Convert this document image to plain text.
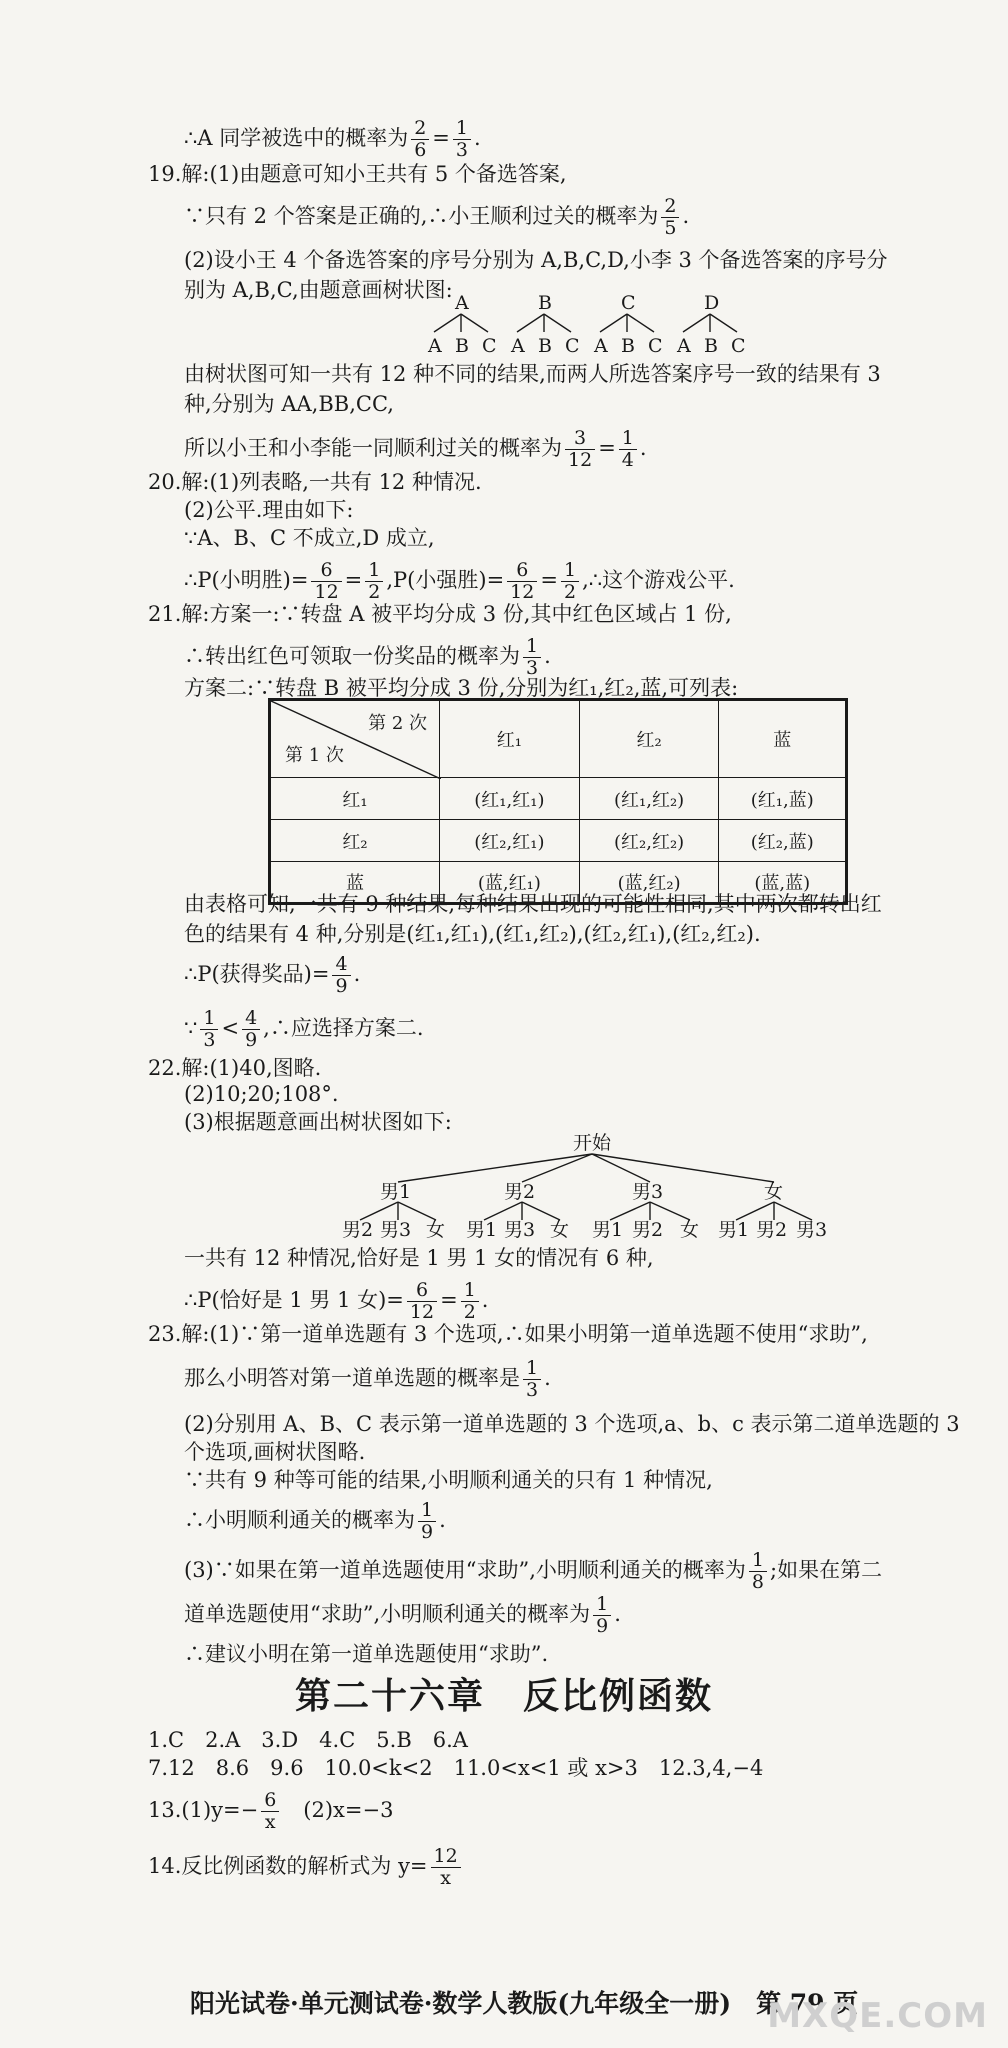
∴A 同学被选中的概率为 $\frac{2}{6} = \frac{1}{3}$ .
19.解:(1)由题意可知小王共有 5 个备选答案,
∵只有 2 个答案是正确的,∴小王顺利过关的概率为 $\frac{2}{5}$ .
(2)设小王 4 个备选答案的序号分别为 A,B,C,D,小李 3 个备选答案的序号分
别为 A,B,C,由题意画树状图:
A	B	C	D
A B C A B C A B C A B C
由树状图可知一共有 12 种不同的结果,而两人所选答案序号一致的结果有 3
种,分别为 AA,BB,CC,
所以小王和小李能一同顺利过关的概率为 $\frac{3}{12} = \frac{1}{4}$ .
20.解:(1)列表略,一共有 12 种情况.
(2)公平.理由如下:
∵A、B、C 不成立,D 成立,
∴P(小明胜)= $\frac{6}{12} = \frac{1}{2} ,P$(小强胜)= $\frac{6}{12} = \frac{1}{2}$ ,∴这个游戏公平.
21.解:方案一:∵转盘 A 被平均分成 3 份,其中红色区域占 1 份,
∴转出红色可领取一份奖品的概率为 $\frac{1}{3}$ .
方案二:∵转盘 B 被平均分成 3 份,分别为红₁,红₂,蓝,可列表:
第 2 次
第 1 次	红₁	红₂	蓝
红₁	(红₁,红₁)	(红₁,红₂)	(红₁,蓝)
红₂	(红₂,红₁)	(红₂,红₂)	(红₂,蓝)
蓝	(蓝,红₁)	(蓝,红₂)	(蓝,蓝)
由表格可知,一共有 9 种结果,每种结果出现的可能性相同,其中两次都转出红
色的结果有 4 种,分别是(红₁,红₁),(红₁,红₂),(红₂,红₁),(红₂,红₂).
∴P(获得奖品)= $\frac{4}{9}$ .
∵ $\frac{1}{3} < \frac{4}{9}$ ,∴应选择方案二.
22.解:(1)40,图略.
(2)10;20;108°.
(3)根据题意画出树状图如下:
开始
男1	男2	男3	女
男2 男3 女 男1 男3 女 男1 男2 女 男1 男2 男3
一共有 12 种情况,恰好是 1 男 1 女的情况有 6 种,
∴P(恰好是 1 男 1 女)= $\frac{6}{12} = \frac{1}{2}$ .
23.解:(1)∵第一道单选题有 3 个选项,∴如果小明第一道单选题不使用“求助”,
那么小明答对第一道单选题的概率是 $\frac{1}{3}$ .
(2)分别用 A、B、C 表示第一道单选题的 3 个选项,a、b、c 表示第二道单选题的 3
个选项,画树状图略.
∵共有 9 种等可能的结果,小明顺利通关的只有 1 种情况,
∴小明顺利通关的概率为 $\frac{1}{9}$ .
(3)∵如果在第一道单选题使用“求助”,小明顺利通关的概率为 $\frac{1}{8}$ ;如果在第二
道单选题使用“求助”,小明顺利通关的概率为 $\frac{1}{9}$ .
∴建议小明在第一道单选题使用“求助”.
第二十六章　反比例函数
1.C　2.A　3.D　4.C　5.B　6.A
7.12　8.6　9.6　10.0<k<2　11.0<x<1 或 x>3　12.3,4,−4
$13.(1)y=- \frac{6}{x}$ 　(2)x=−3
14.反比例函数的解析式为 $y= \frac{12}{x}$
阳光试卷·单元测试卷·数学人教版(九年级全一册)　第 79 页
MXQE.COM
